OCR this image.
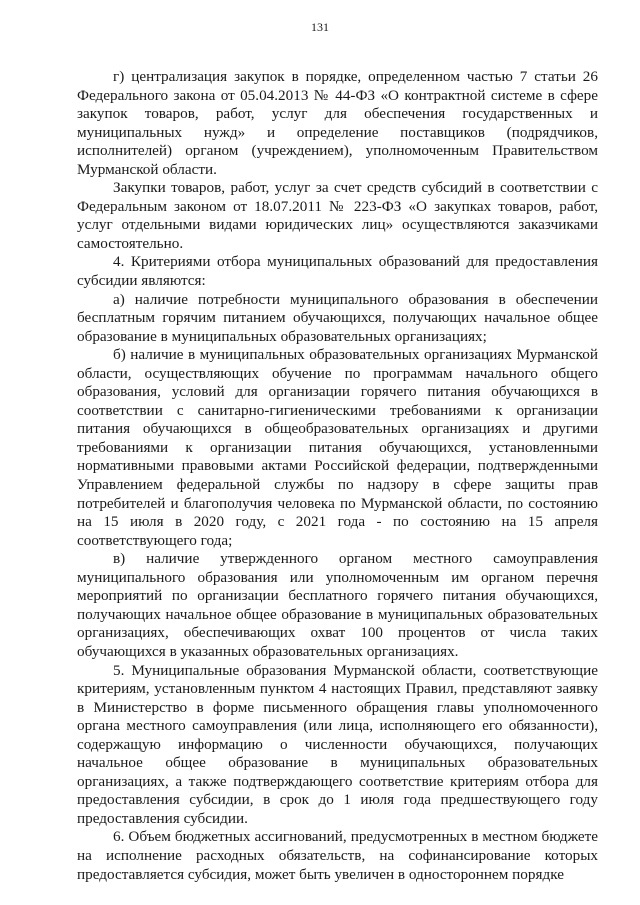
131

г) централизация закупок в порядке, определенном частью 7 статьи 26 Федерального закона от 05.04.2013 № 44-ФЗ «О контрактной системе в сфере закупок товаров, работ, услуг для обеспечения государственных и муниципальных нужд» и определение поставщиков (подрядчиков, исполнителей) органом (учреждением), уполномоченным Правительством Мурманской области.

Закупки товаров, работ, услуг за счет средств субсидий в соответствии с Федеральным законом от 18.07.2011 № 223-ФЗ «О закупках товаров, работ, услуг отдельными видами юридических лиц» осуществляются заказчиками самостоятельно.

4. Критериями отбора муниципальных образований для предоставления субсидии являются:

а) наличие потребности муниципального образования в обеспечении бесплатным горячим питанием обучающихся, получающих начальное общее образование в муниципальных образовательных организациях;

б) наличие в муниципальных образовательных организациях Мурманской области, осуществляющих обучение по программам начального общего образования, условий для организации горячего питания обучающихся в соответствии с санитарно-гигиеническими требованиями к организации питания обучающихся в общеобразовательных организациях и другими требованиями к организации питания обучающихся, установленными нормативными правовыми актами Российской федерации, подтвержденными Управлением федеральной службы по надзору в сфере защиты прав потребителей и благополучия человека по Мурманской области, по состоянию на 15 июля в 2020 году, с 2021 года - по состоянию на 15 апреля соответствующего года;

в) наличие утвержденного органом местного самоуправления муниципального образования или уполномоченным им органом перечня мероприятий по организации бесплатного горячего питания обучающихся, получающих начальное общее образование в муниципальных образовательных организациях, обеспечивающих охват 100 процентов от числа таких обучающихся в указанных образовательных организациях.

5. Муниципальные образования Мурманской области, соответствующие критериям, установленным пунктом 4 настоящих Правил, представляют заявку в Министерство в форме письменного обращения главы уполномоченного органа местного самоуправления (или лица, исполняющего его обязанности), содержащую информацию о численности обучающихся, получающих начальное общее образование в муниципальных образовательных организациях, а также подтверждающего соответствие критериям отбора для предоставления субсидии, в срок до 1 июля года предшествующего году предоставления субсидии.

6. Объем бюджетных ассигнований, предусмотренных в местном бюджете на исполнение расходных обязательств, на софинансирование которых предоставляется субсидия, может быть увеличен в одностороннем порядке
